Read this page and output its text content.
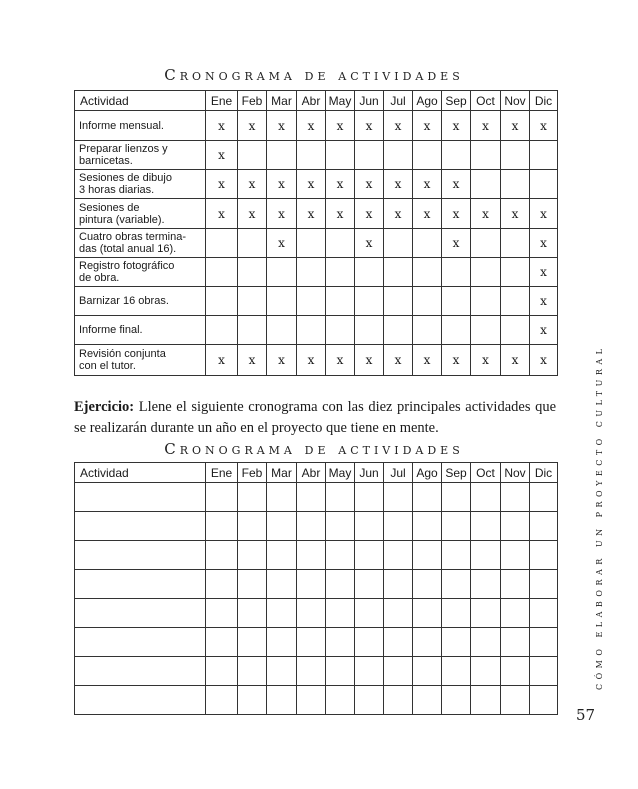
Cronograma de actividades
Actividad	Ene	Feb	Mar	Abr	May	Jun	Jul	Ago	Sep	Oct	Nov	Dic

Informe mensual.	x	x	x	x	x	x	x	x	x	x	x	x

Preparar lienzos y
barnicetas.	x											

Sesiones de dibujo
3 horas diarias.	x	x	x	x	x	x	x	x	x			

Sesiones de
pintura (variable).	x	x	x	x	x	x	x	x	x	x	x	x

Cuatro obras termina-
das (total anual 16).			x			x			x			x

Registro fotográfico
de obra.												x

Barnizar 16 obras.												x

Informe final.												x

Revisión conjunta
con el tutor.	x	x	x	x	x	x	x	x	x	x	x	x
Ejercicio: Llene el siguiente cronograma con las diez principales actividades que se realizarán durante un año en el proyecto que tiene en mente.
Cronograma de actividades
Actividad	Ene	Feb	Mar	Abr	May	Jun	Jul	Ago	Sep	Oct	Nov	Dic

													CÓMO ELABORAR UN PROYECTO CULTURAL
57
